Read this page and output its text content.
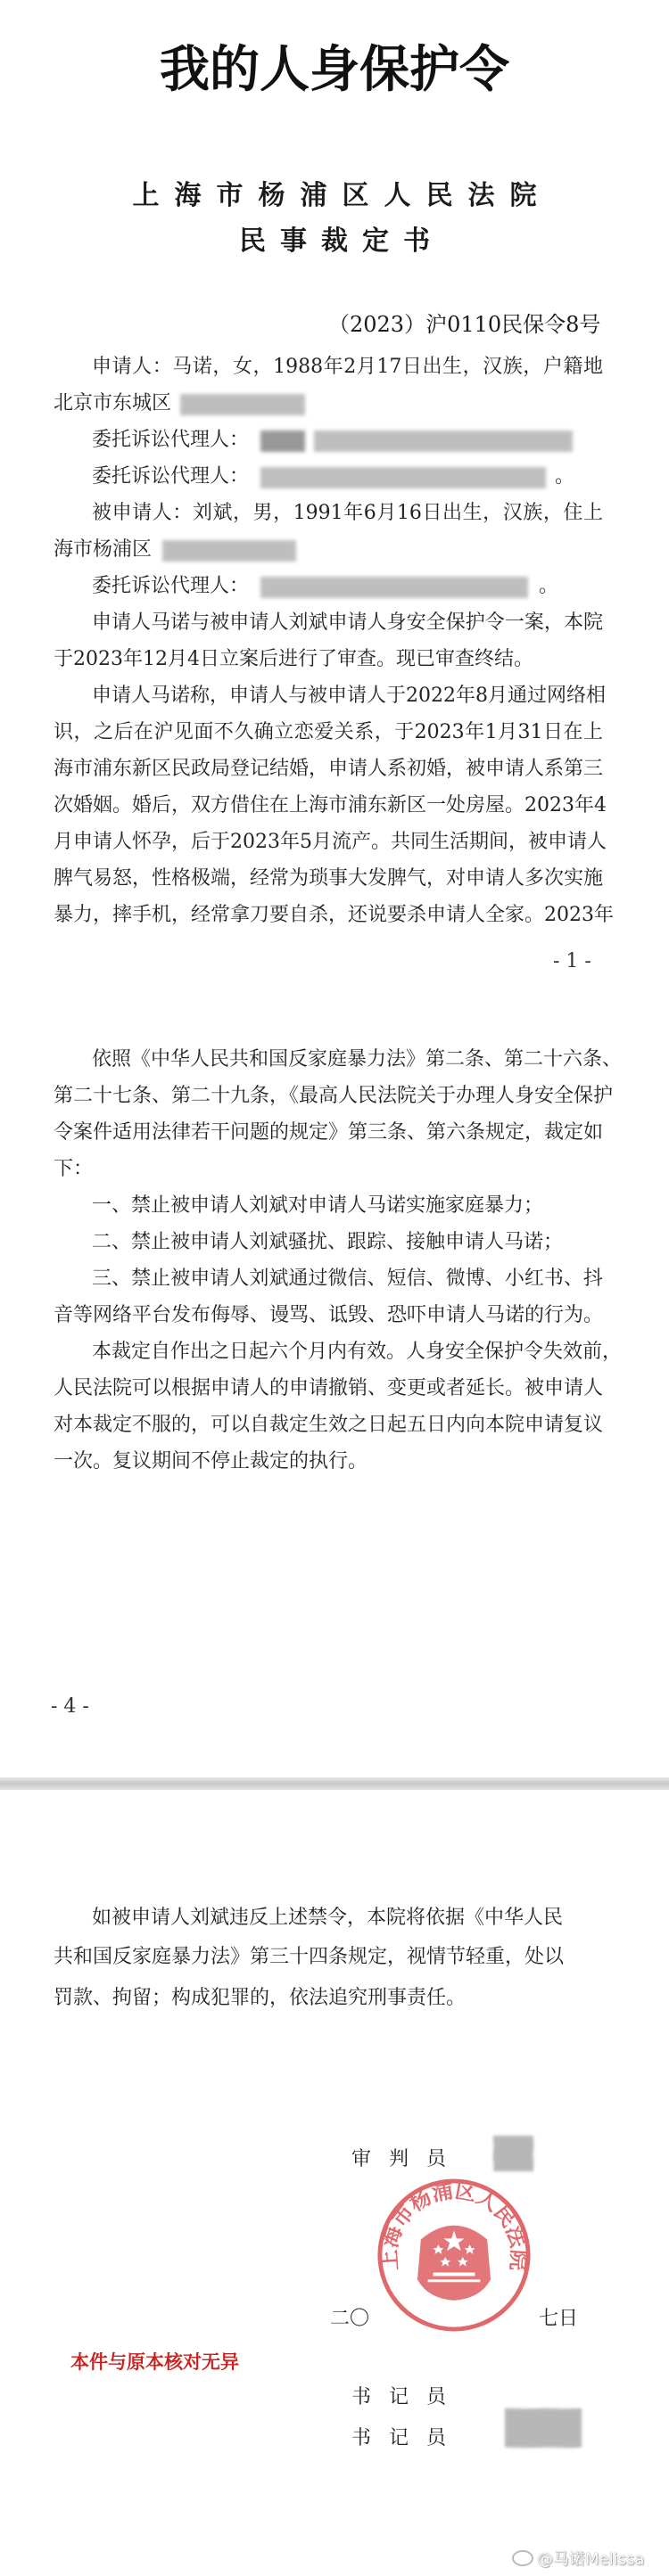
我的人身保护令
上海市杨浦区人民法院
民事裁定书
（2023）沪0110民保令8号
申请人：马诺，女，1988年2月17日出生，汉族，户籍地
北京市东城区
委托诉讼代理人：
委托诉讼代理人：	。
被申请人：刘斌，男，1991年6月16日出生，汉族，住上
海市杨浦区
委托诉讼代理人：	。
申请人马诺与被申请人刘斌申请人身安全保护令一案，本院
于2023年12月4日立案后进行了审查。现已审查终结。
申请人马诺称，申请人与被申请人于2022年8月通过网络相
识，之后在沪见面不久确立恋爱关系，于2023年1月31日在上
海市浦东新区民政局登记结婚，申请人系初婚，被申请人系第三
次婚姻。婚后，双方借住在上海市浦东新区一处房屋。2023年4
月申请人怀孕，后于2023年5月流产。共同生活期间，被申请人
脾气易怒，性格极端，经常为琐事大发脾气，对申请人多次实施
暴力，摔手机，经常拿刀要自杀，还说要杀申请人全家。2023年
- 1 -
依照《中华人民共和国反家庭暴力法》第二条、第二十六条、
第二十七条、第二十九条，《最高人民法院关于办理人身安全保护
令案件适用法律若干问题的规定》第三条、第六条规定，裁定如
下：
一、禁止被申请人刘斌对申请人马诺实施家庭暴力；
二、禁止被申请人刘斌骚扰、跟踪、接触申请人马诺；
三、禁止被申请人刘斌通过微信、短信、微博、小红书、抖
音等网络平台发布侮辱、谩骂、诋毁、恐吓申请人马诺的行为。
本裁定自作出之日起六个月内有效。人身安全保护令失效前，
人民法院可以根据申请人的申请撤销、变更或者延长。被申请人
对本裁定不服的，可以自裁定生效之日起五日内向本院申请复议
一次。复议期间不停止裁定的执行。
- 4 -
如被申请人刘斌违反上述禁令，本院将依据《中华人民
共和国反家庭暴力法》第三十四条规定，视情节轻重，处以
罚款、拘留；构成犯罪的，依法追究刑事责任。
审判员
上海市杨浦区人民法院
二〇	七日
本件与原本核对无异
书记员
书记员
@马诺Melissa
